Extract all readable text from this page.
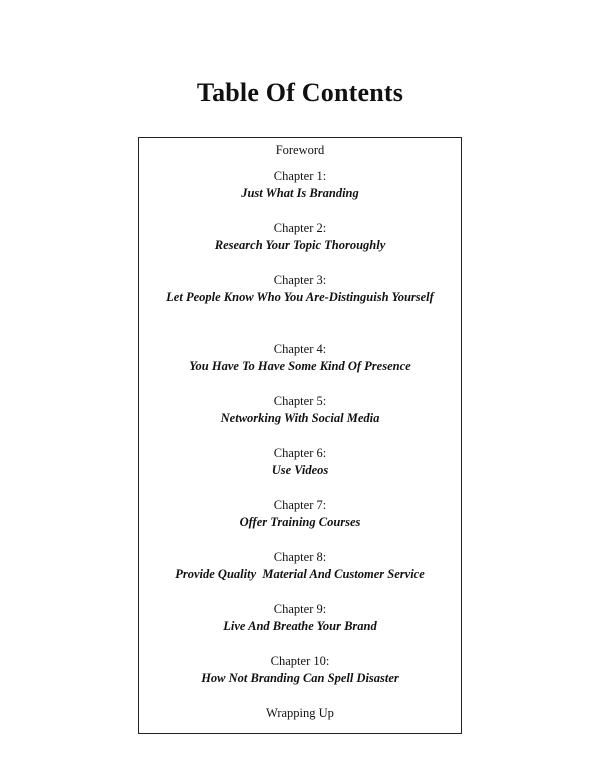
Table Of Contents
Foreword
Chapter 1:
Just What Is Branding
Chapter 2:
Research Your Topic Thoroughly
Chapter 3:
Let People Know Who You Are-Distinguish Yourself
Chapter 4:
You Have To Have Some Kind Of Presence
Chapter 5:
Networking With Social Media
Chapter 6:
Use Videos
Chapter 7:
Offer Training Courses
Chapter 8:
Provide Quality  Material And Customer Service
Chapter 9:
Live And Breathe Your Brand
Chapter 10:
How Not Branding Can Spell Disaster
Wrapping Up
